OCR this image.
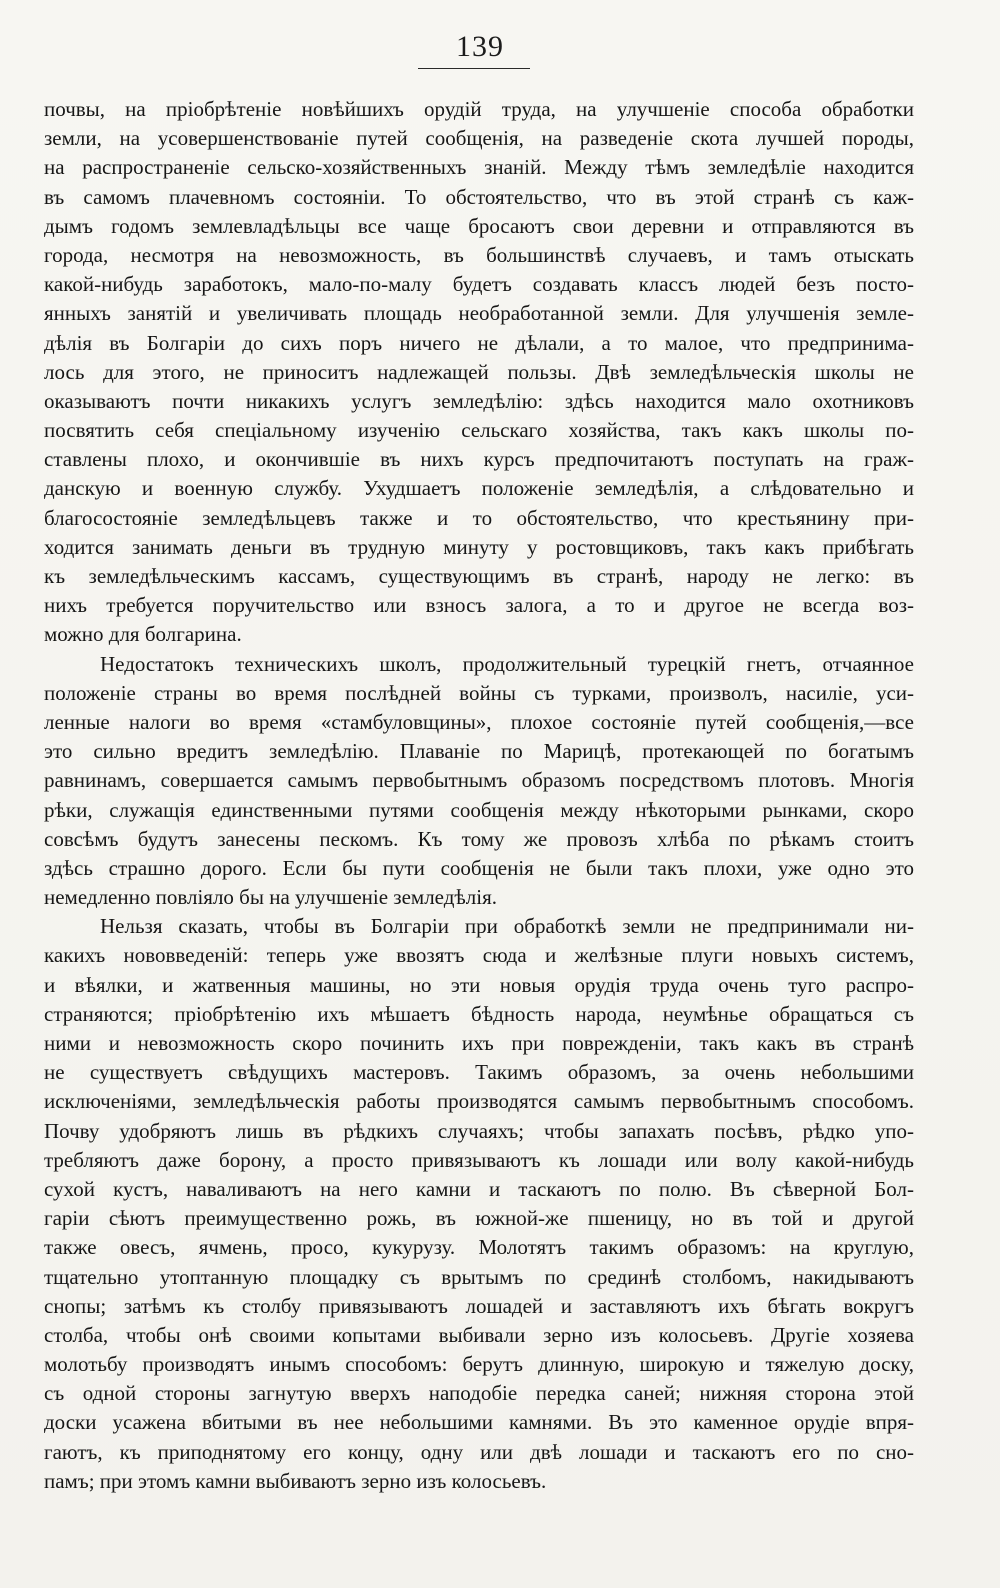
139
почвы, на пріобрѣтеніе новѣйшихъ орудій труда, на улучшеніе способа обработки
земли, на усовершенствованіе путей сообщенія, на разведеніе скота лучшей породы,
на распространеніе сельско-хозяйственныхъ знаній. Между тѣмъ земледѣліе находится
въ самомъ плачевномъ состояніи. То обстоятельство, что въ этой странѣ съ каж-
дымъ годомъ землевладѣльцы все чаще бросаютъ свои деревни и отправляются въ
города, несмотря на невозможность, въ большинствѣ случаевъ, и тамъ отыскать
какой-нибудь заработокъ, мало-по-малу будетъ создавать классъ людей безъ посто-
янныхъ занятій и увеличивать площадь необработанной земли. Для улучшенія земле-
дѣлія въ Болгаріи до сихъ поръ ничего не дѣлали, а то малое, что предпринима-
лось для этого, не приноситъ надлежащей пользы. Двѣ земледѣльческія школы не
оказываютъ почти никакихъ услугъ земледѣлію: здѣсь находится мало охотниковъ
посвятить себя спеціальному изученію сельскаго хозяйства, такъ какъ школы по-
ставлены плохо, и окончившіе въ нихъ курсъ предпочитаютъ поступать на граж-
данскую и военную службу. Ухудшаетъ положеніе земледѣлія, а слѣдовательно и
благосостояніе земледѣльцевъ также и то обстоятельство, что крестьянину при-
ходится занимать деньги въ трудную минуту у ростовщиковъ, такъ какъ прибѣгать
къ земледѣльческимъ кассамъ, существующимъ въ странѣ, народу не легко: въ
нихъ требуется поручительство или взносъ залога, а то и другое не всегда воз-
можно для болгарина.
Недостатокъ техническихъ школъ, продолжительный турецкій гнетъ, отчаянное
положеніе страны во время послѣдней войны съ турками, произволъ, насиліе, уси-
ленные налоги во время «стамбуловщины», плохое состояніе путей сообщенія,—все
это сильно вредитъ земледѣлію. Плаваніе по Марицѣ, протекающей по богатымъ
равнинамъ, совершается самымъ первобытнымъ образомъ посредствомъ плотовъ. Многія
рѣки, служащія единственными путями сообщенія между нѣкоторыми рынками, скоро
совсѣмъ будутъ занесены пескомъ. Къ тому же провозъ хлѣба по рѣкамъ стоитъ
здѣсь страшно дорого. Если бы пути сообщенія не были такъ плохи, уже одно это
немедленно повліяло бы на улучшеніе земледѣлія.
Нельзя сказать, чтобы въ Болгаріи при обработкѣ земли не предпринимали ни-
какихъ нововведеній: теперь уже ввозятъ сюда и желѣзные плуги новыхъ системъ,
и вѣялки, и жатвенныя машины, но эти новыя орудія труда очень туго распро-
страняются; пріобрѣтенію ихъ мѣшаетъ бѣдность народа, неумѣнье обращаться съ
ними и невозможность скоро починить ихъ при поврежденіи, такъ какъ въ странѣ
не существуетъ свѣдущихъ мастеровъ. Такимъ образомъ, за очень небольшими
исключеніями, земледѣльческія работы производятся самымъ первобытнымъ способомъ.
Почву удобряютъ лишь въ рѣдкихъ случаяхъ; чтобы запахать посѣвъ, рѣдко упо-
требляютъ даже борону, а просто привязываютъ къ лошади или волу какой-нибудь
сухой кустъ, наваливаютъ на него камни и таскаютъ по полю. Въ сѣверной Бол-
гаріи сѣютъ преимущественно рожь, въ южной-же пшеницу, но въ той и другой
также овесъ, ячмень, просо, кукурузу. Молотятъ такимъ образомъ: на круглую,
тщательно утоптанную площадку съ врытымъ по срединѣ столбомъ, накидываютъ
снопы; затѣмъ къ столбу привязываютъ лошадей и заставляютъ ихъ бѣгать вокругъ
столба, чтобы онѣ своими копытами выбивали зерно изъ колосьевъ. Другіе хозяева
молотьбу производятъ инымъ способомъ: берутъ длинную, широкую и тяжелую доску,
съ одной стороны загнутую вверхъ наподобіе передка саней; нижняя сторона этой
доски усажена вбитыми въ нее небольшими камнями. Въ это каменное орудіе впря-
гаютъ, къ приподнятому его концу, одну или двѣ лошади и таскаютъ его по сно-
памъ; при этомъ камни выбиваютъ зерно изъ колосьевъ.
